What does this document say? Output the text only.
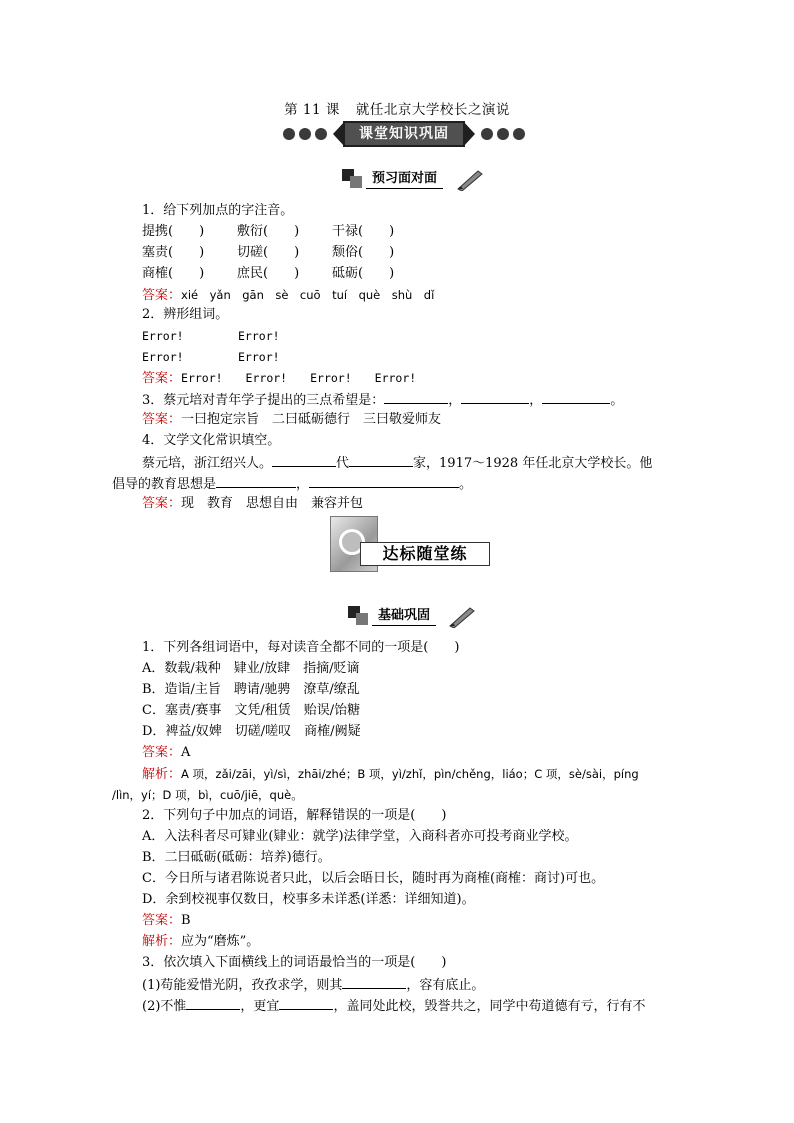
第 11 课 就任北京大学校长之演说
课堂知识巩固
预习面对面
1．给下列加点的字注音。
提携(　　)	敷衍(　　)	干禄(　　)
塞责(　　)	切磋(　　)	颓俗(　　)
商榷(　　)	庶民(　　)	砥砺(　　)
答案：xié　yǎn　gān　sè　cuō　tuí　què　shù　dǐ
2．辨形组词。
Error!	Error!
Error!	Error!
答案：Error!　　Error!　　Error!　　Error!
3．蔡元培对青年学子提出的三点希望是：	，	，	。
答案：一曰抱定宗旨　二曰砥砺德行　三曰敬爱师友
4．文学文化常识填空。
蔡元培，浙江绍兴人。	代	家，1917～1928 年任北京大学校长。他
倡导的教育思想是	，	。
答案：现　教育　思想自由　兼容并包
达标随堂练
基础巩固
1．下列各组词语中，每对读音全都不同的一项是(　　)
A．数载/栽种　肄业/放肆　指摘/贬谪
B．造诣/主旨　聘请/驰骋　潦草/缭乱
C．塞责/赛事　文凭/租赁　贻误/饴糖
D．裨益/奴婢　切磋/嗟叹　商榷/阙疑
答案：A
解析：A 项，zǎi/zāi，yì/sì，zhāi/zhé；B 项，yì/zhǐ，pìn/chěng，liáo；C 项，sè/sài，píng
/lìn，yí；D 项，bì，cuō/jiē，què。
2．下列句子中加点的词语，解释错误的一项是(　　)
A．入法科者尽可肄业(肄业：就学)法律学堂，入商科者亦可投考商业学校。
B．二曰砥砺(砥砺：培养)德行。
C．今日所与诸君陈说者只此，以后会晤日长，随时再为商榷(商榷：商讨)可也。
D．余到校视事仅数日，校事多未详悉(详悉：详细知道)。
答案：B
解析：应为“磨炼”。
3．依次填入下面横线上的词语最恰当的一项是(　　)
(1)苟能爱惜光阴，孜孜求学，则其	，容有底止。
(2)不惟	，更宜	，盖同处此校，毁誉共之，同学中苟道德有亏，行有不
